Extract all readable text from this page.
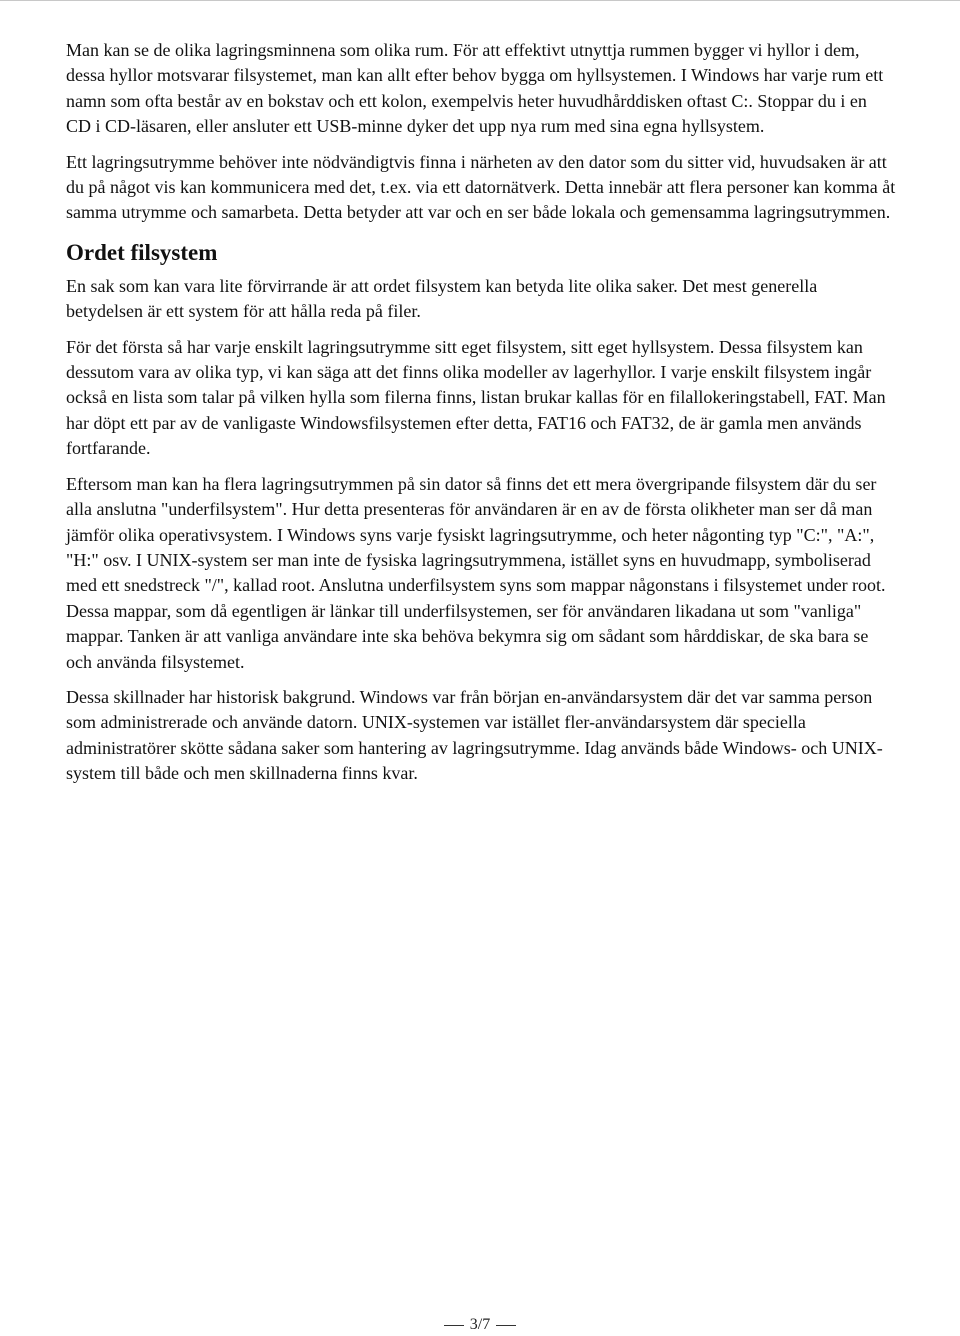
Man kan se de olika lagringsminnena som olika rum. För att effektivt utnyttja rummen bygger vi hyllor i dem, dessa hyllor motsvarar filsystemet, man kan allt efter behov bygga om hyllsystemen. I Windows har varje rum ett namn som ofta består av en bokstav och ett kolon, exempelvis heter huvudhårddisken oftast C:. Stoppar du i en CD i CD-läsaren, eller ansluter ett USB-minne dyker det upp nya rum med sina egna hyllsystem.

Ett lagringsutrymme behöver inte nödvändigtvis finna i närheten av den dator som du sitter vid, huvudsaken är att du på något vis kan kommunicera med det, t.ex. via ett datornätverk. Detta innebär att flera personer kan komma åt samma utrymme och samarbeta. Detta betyder att var och en ser både lokala och gemensamma lagringsutrymmen.

Ordet filsystem

En sak som kan vara lite förvirrande är att ordet filsystem kan betyda lite olika saker. Det mest generella betydelsen är ett system för att hålla reda på filer.

För det första så har varje enskilt lagringsutrymme sitt eget filsystem, sitt eget hyllsystem. Dessa filsystem kan dessutom vara av olika typ, vi kan säga att det finns olika modeller av lagerhyllor. I varje enskilt filsystem ingår också en lista som talar på vilken hylla som filerna finns, listan brukar kallas för en filallokeringstabell, FAT. Man har döpt ett par av de vanligaste Windowsfilsystemen efter detta, FAT16 och FAT32, de är gamla men används fortfarande.

Eftersom man kan ha flera lagringsutrymmen på sin dator så finns det ett mera övergripande filsystem där du ser alla anslutna "underfilsystem". Hur detta presenteras för användaren är en av de första olikheter man ser då man jämför olika operativsystem. I Windows syns varje fysiskt lagringsutrymme, och heter någonting typ "C:", "A:", "H:" osv. I UNIX-system ser man inte de fysiska lagringsutrymmena, istället syns en huvudmapp, symboliserad med ett snedstreck "/", kallad root. Anslutna underfilsystem syns som mappar någonstans i filsystemet under root. Dessa mappar, som då egentligen är länkar till underfilsystemen, ser för användaren likadana ut som "vanliga" mappar. Tanken är att vanliga användare inte ska behöva bekymra sig om sådant som hårddiskar, de ska bara se och använda filsystemet.

Dessa skillnader har historisk bakgrund. Windows var från början en-användarsystem där det var samma person som administrerade och använde datorn. UNIX-systemen var istället fler-användarsystem där speciella administratörer skötte sådana saker som hantering av lagringsutrymme. Idag används både Windows- och UNIX-system till både och men skillnaderna finns kvar.

3/7
